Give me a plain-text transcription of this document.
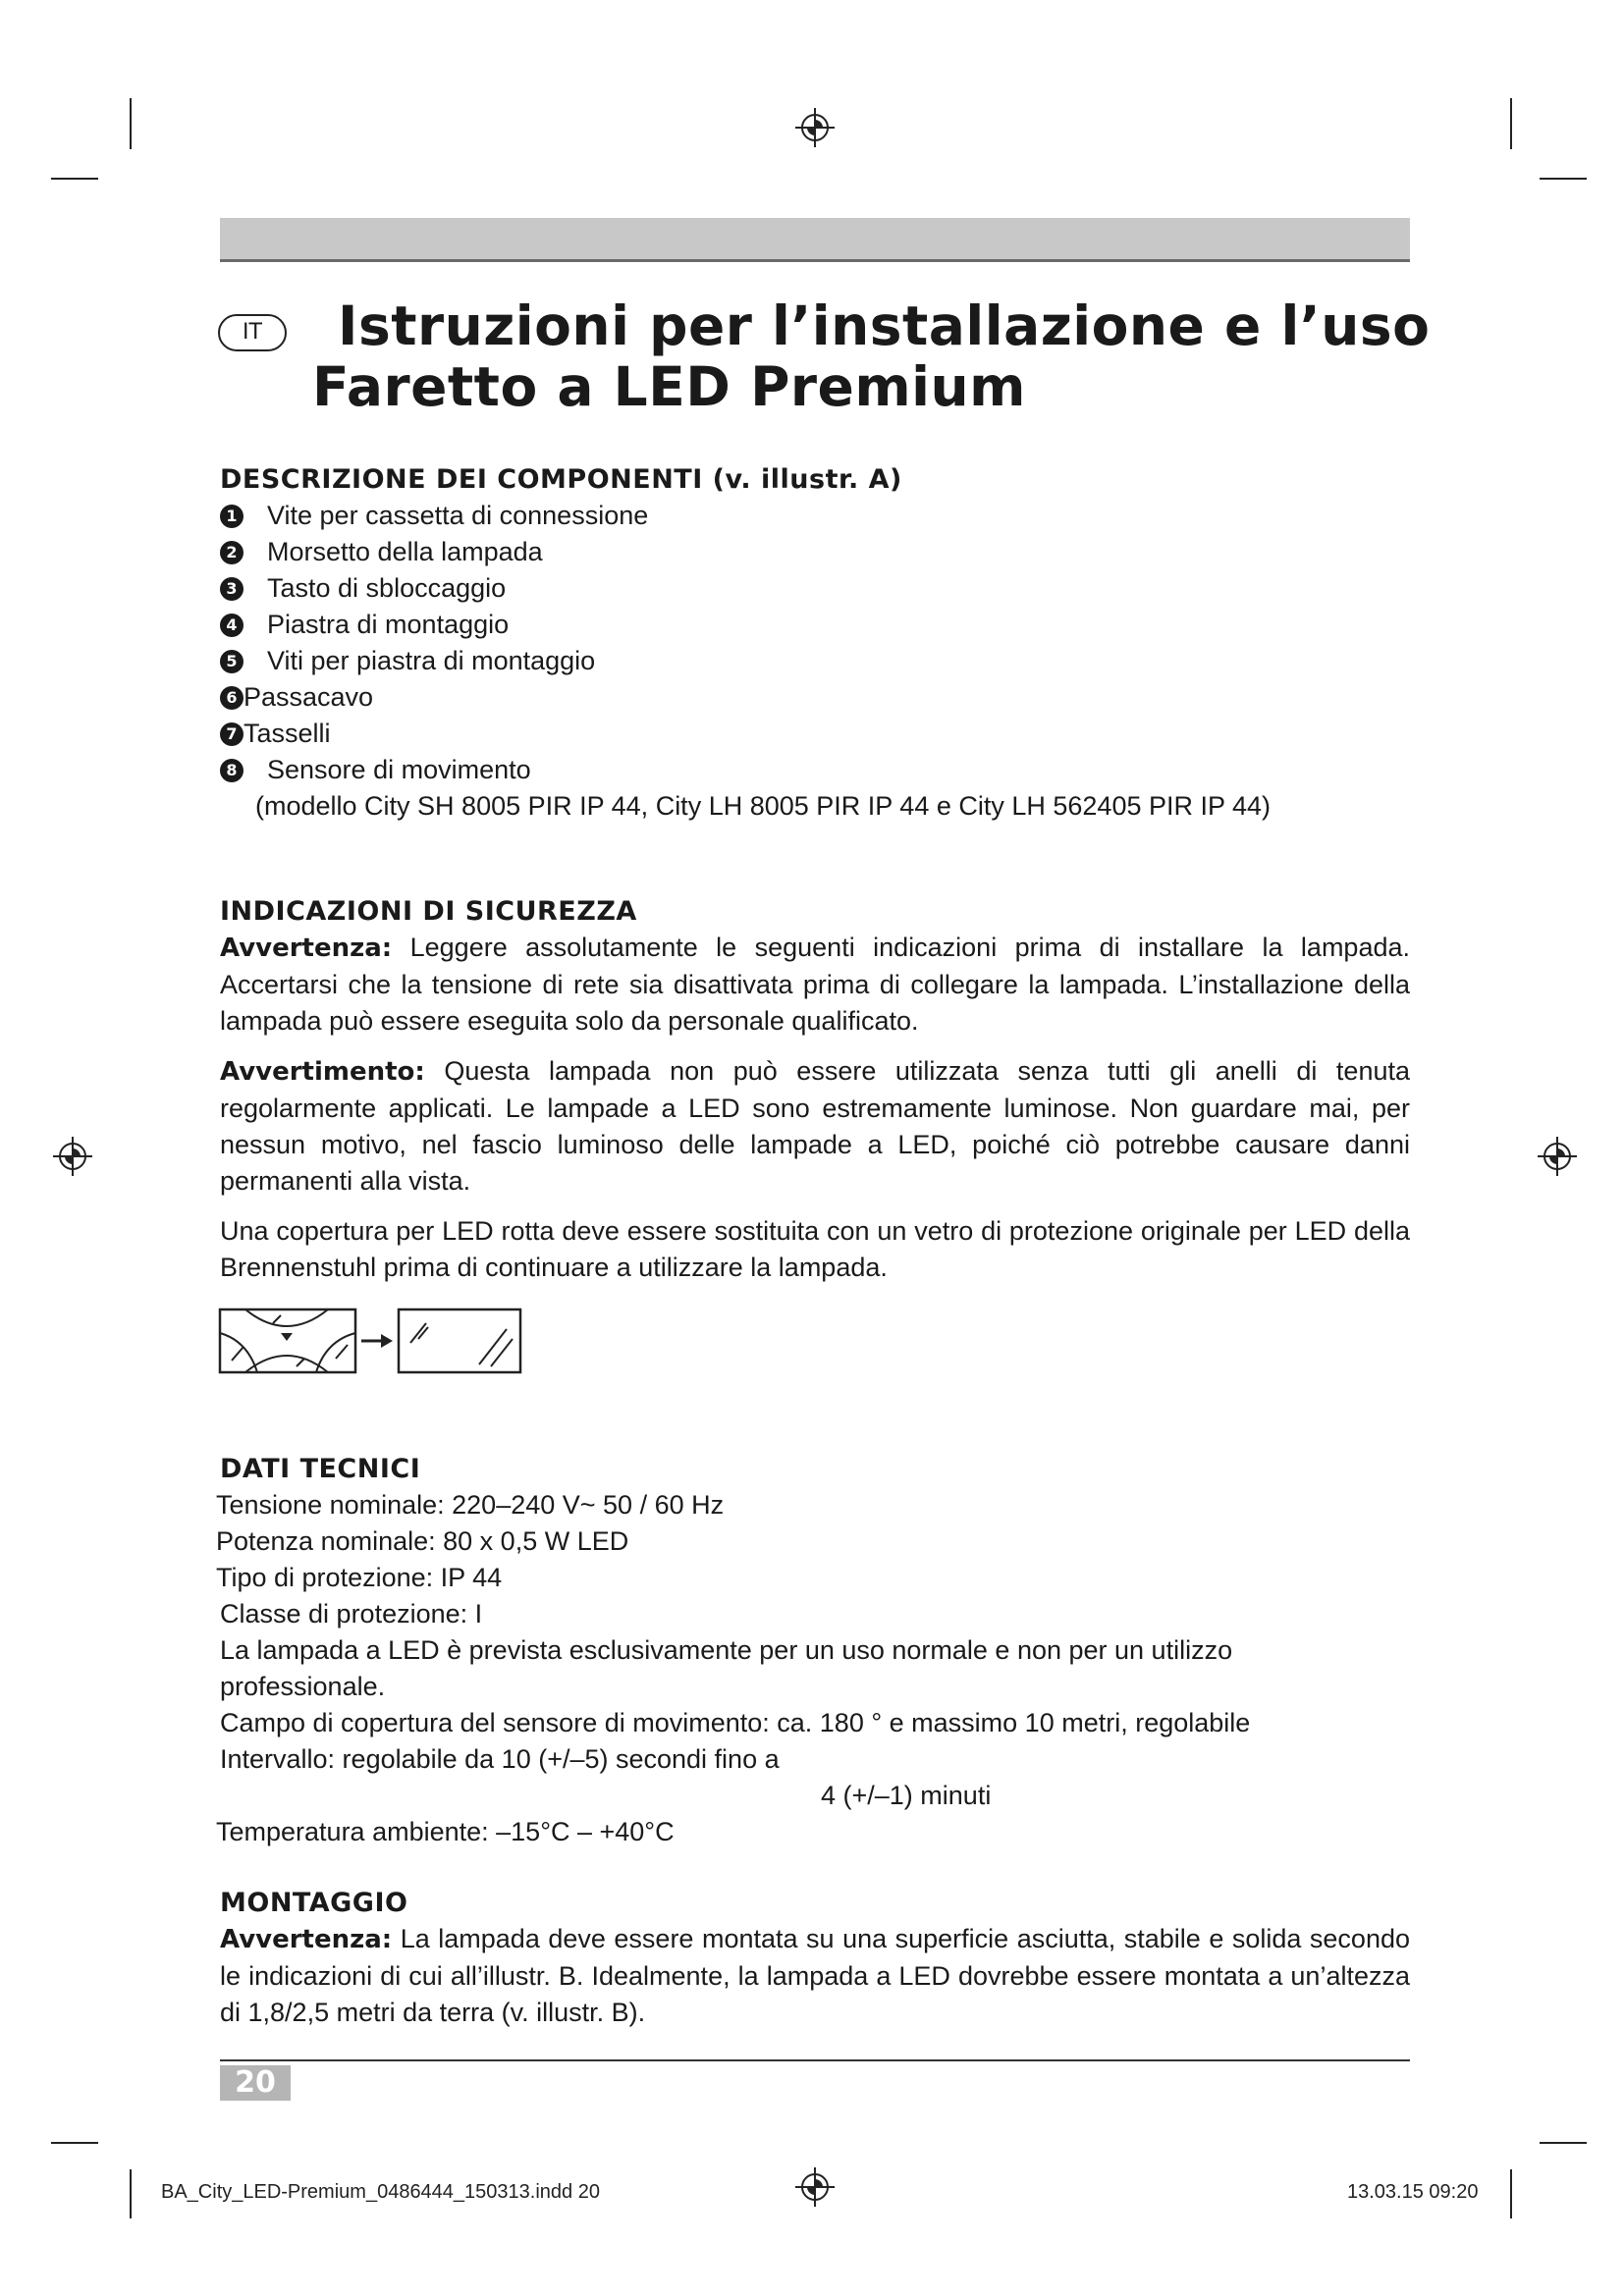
IT	Istruzioni per l’installazione e l’uso
Faretto a LED Premium
DESCRIZIONE DEI COMPONENTI (v. illustr. A)
1 Vite per cassetta di connessione
2 Morsetto della lampada
3 Tasto di sbloccaggio
4 Piastra di montaggio
5 Viti per piastra di montaggio
6 Passacavo
7 Tasselli
8 Sensore di movimento
(modello City SH 8005 PIR IP 44, City LH 8005 PIR IP 44 e City LH 562405 PIR IP 44)
INDICAZIONI DI SICUREZZA

Avvertenza: Leggere assolutamente le seguenti indicazioni prima di installare la lampada. Accertarsi che la tensione di rete sia disattivata prima di collegare la lampada. L’installazione della lampada può essere eseguita solo da personale qualificato.

Avvertimento: Questa lampada non può essere utilizzata senza tutti gli anelli di tenuta regolarmente applicati. Le lampade a LED sono estremamente luminose. Non guardare mai, per nessun motivo, nel fascio luminoso delle lampade a LED, poiché ciò potrebbe causare danni permanenti alla vista.

Una copertura per LED rotta deve essere sostituita con un vetro di protezione originale per LED della Brennenstuhl prima di continuare a utilizzare la lampada.

DATI TECNICI

Tensione nominale: 220–240 V~ 50 / 60 Hz

Potenza nominale: 80 x 0,5 W LED

Tipo di protezione: IP 44

Classe di protezione: I

La lampada a LED è prevista esclusivamente per un uso normale e non per un utilizzo professionale.

Campo di copertura del sensore di movimento: ca. 180 ° e massimo 10 metri, regolabile

Intervallo: regolabile da 10 (+/–5) secondi fino a

4 (+/–1) minuti

Temperatura ambiente: –15°C – +40°C

MONTAGGIO

Avvertenza: La lampada deve essere montata su una superficie asciutta, stabile e solida secondo le indicazioni di cui all’illustr. B. Idealmente, la lampada a LED dovrebbe essere montata a un’altezza di 1,8/2,5 metri da terra (v. illustr. B).

20
BA_City_LED-Premium_0486444_150313.indd 20	13.03.15 09:20
